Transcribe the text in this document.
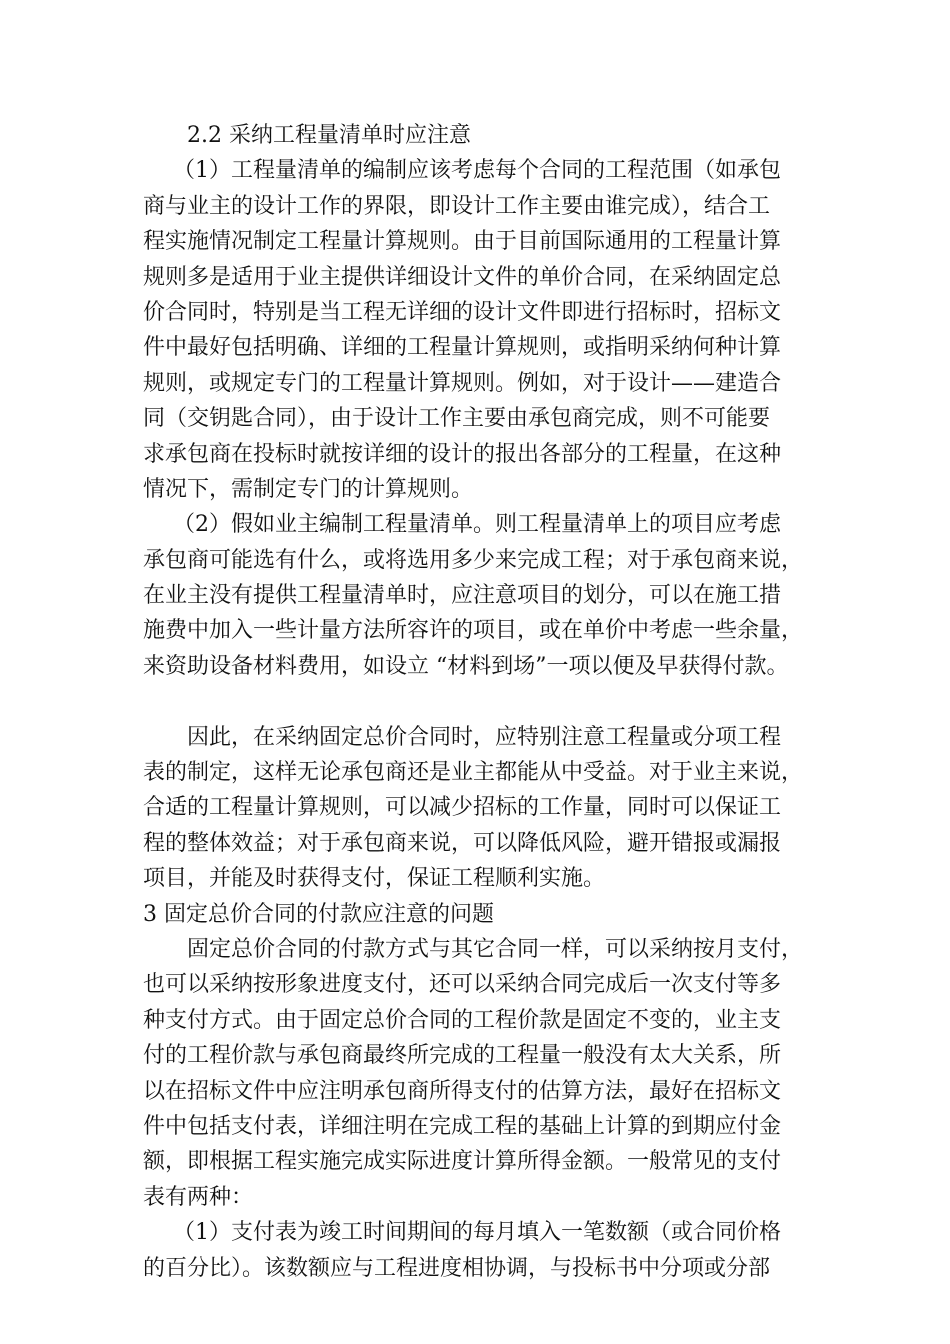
2.2 采纳工程量清单时应注意
（1）工程量清单的编制应该考虑每个合同的工程范围（如承包
商与业主的设计工作的界限，即设计工作主要由谁完成），结合工
程实施情况制定工程量计算规则。由于目前国际通用的工程量计算
规则多是适用于业主提供详细设计文件的单价合同，在采纳固定总
价合同时，特别是当工程无详细的设计文件即进行招标时，招标文
件中最好包括明确、详细的工程量计算规则，或指明采纳何种计算
规则，或规定专门的工程量计算规则。例如，对于设计——建造合
同（交钥匙合同），由于设计工作主要由承包商完成，则不可能要
求承包商在投标时就按详细的设计的报出各部分的工程量，在这种
情况下，需制定专门的计算规则。
（2）假如业主编制工程量清单。则工程量清单上的项目应考虑
承包商可能选有什么，或将选用多少来完成工程；对于承包商来说，
在业主没有提供工程量清单时，应注意项目的划分，可以在施工措
施费中加入一些计量方法所容许的项目，或在单价中考虑一些余量，
来资助设备材料费用，如设立 “材料到场”一项以便及早获得付款。
因此，在采纳固定总价合同时，应特别注意工程量或分项工程
表的制定，这样无论承包商还是业主都能从中受益。对于业主来说，
合适的工程量计算规则，可以减少招标的工作量，同时可以保证工
程的整体效益；对于承包商来说，可以降低风险，避开错报或漏报
项目，并能及时获得支付，保证工程顺利实施。
3 固定总价合同的付款应注意的问题
固定总价合同的付款方式与其它合同一样，可以采纳按月支付，
也可以采纳按形象进度支付，还可以采纳合同完成后一次支付等多
种支付方式。由于固定总价合同的工程价款是固定不变的，业主支
付的工程价款与承包商最终所完成的工程量一般没有太大关系，所
以在招标文件中应注明承包商所得支付的估算方法，最好在招标文
件中包括支付表，详细注明在完成工程的基础上计算的到期应付金
额，即根据工程实施完成实际进度计算所得金额。一般常见的支付
表有两种：
（1）支付表为竣工时间期间的每月填入一笔数额（或合同价格
的百分比）。该数额应与工程进度相协调，与投标书中分项或分部
